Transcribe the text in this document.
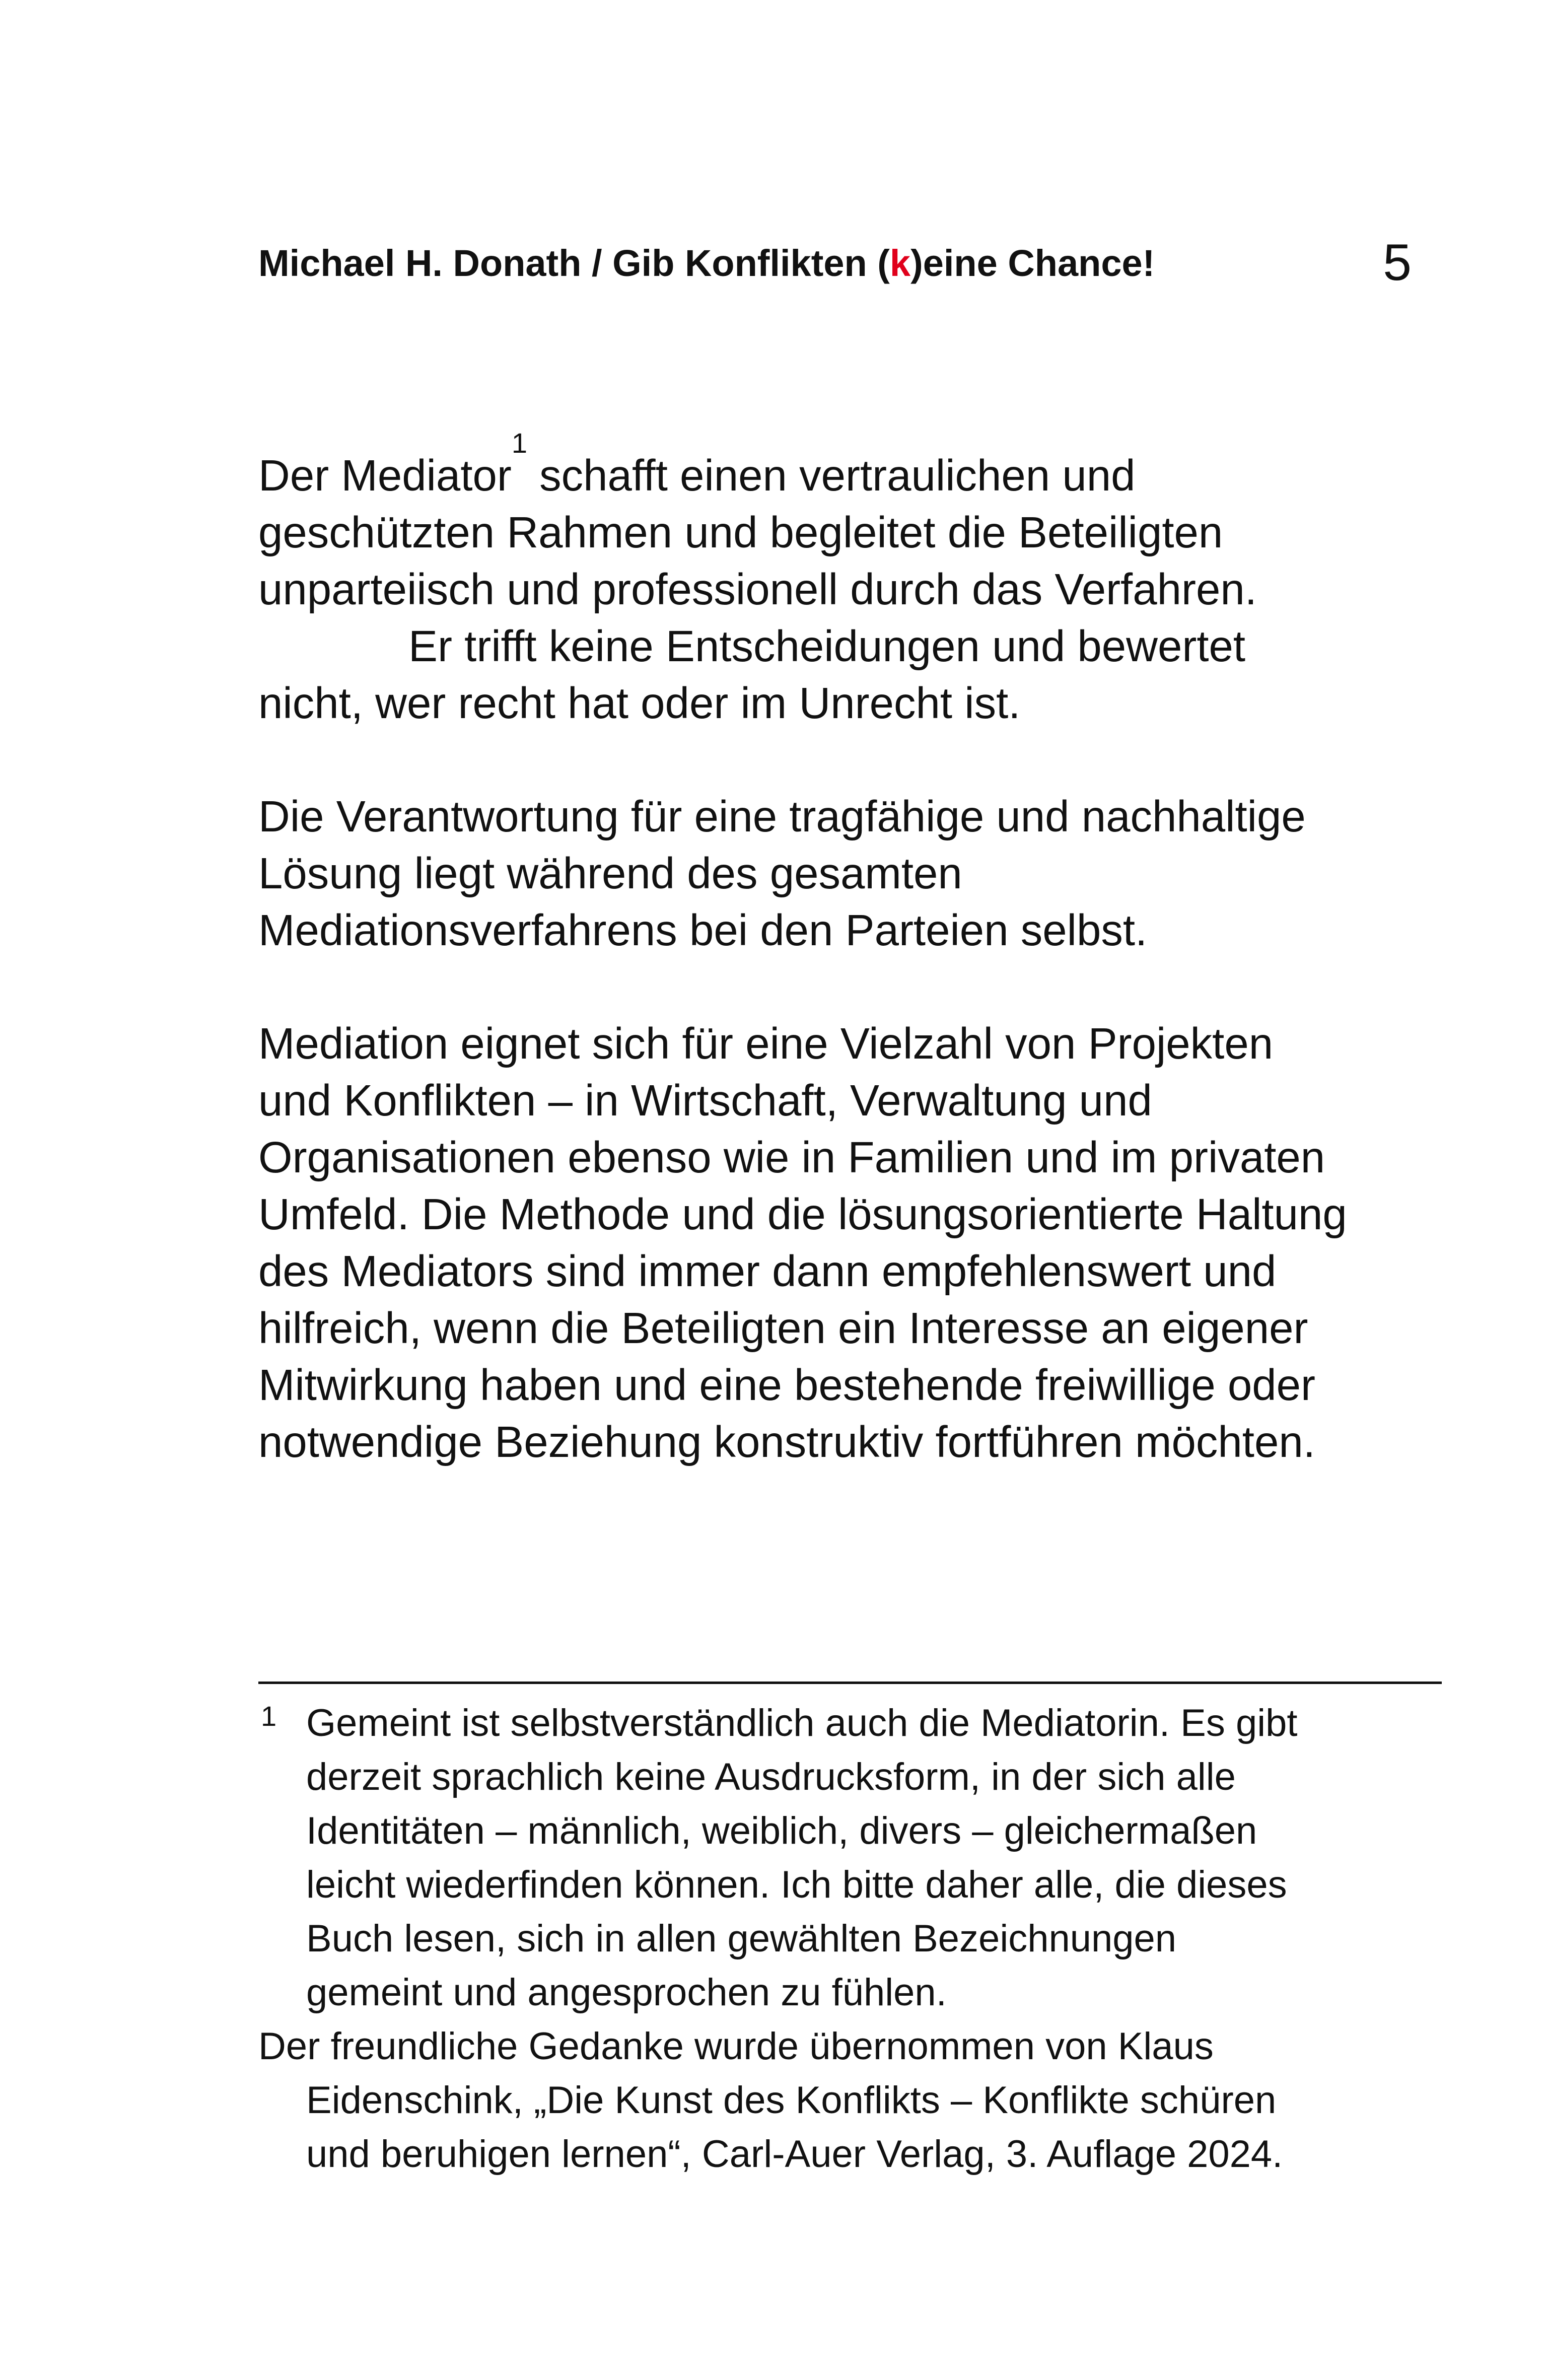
Michael H. Donath / Gib Konflikten (k)eine Chance!	5

Der Mediator$^1$ schafft einen vertraulichen und
geschützten Rahmen und begleitet die Beteiligten
unparteiisch und professionell durch das Verfahren.
Er trifft keine Entscheidungen und bewertet
nicht, wer recht hat oder im Unrecht ist.

Die Verantwortung für eine tragfähige und nachhaltige
Lösung liegt während des gesamten
Mediationsverfahrens bei den Parteien selbst.

Mediation eignet sich für eine Vielzahl von Projekten
und Konflikten – in Wirtschaft, Verwaltung und
Organisationen ebenso wie in Familien und im privaten
Umfeld. Die Methode und die lösungsorientierte Haltung
des Mediators sind immer dann empfehlenswert und
hilfreich, wenn die Beteiligten ein Interesse an eigener
Mitwirkung haben und eine bestehende freiwillige oder
notwendige Beziehung konstruktiv fortführen möchten.

1 Gemeint ist selbstverständlich auch die Mediatorin. Es gibt
derzeit sprachlich keine Ausdrucksform, in der sich alle
Identitäten – männlich, weiblich, divers – gleichermaßen
leicht wiederfinden können. Ich bitte daher alle, die dieses
Buch lesen, sich in allen gewählten Bezeichnungen
gemeint und angesprochen zu fühlen.
Der freundliche Gedanke wurde übernommen von Klaus
Eidenschink, „Die Kunst des Konflikts – Konflikte schüren
und beruhigen lernen“, Carl-Auer Verlag, 3. Auflage 2024.
